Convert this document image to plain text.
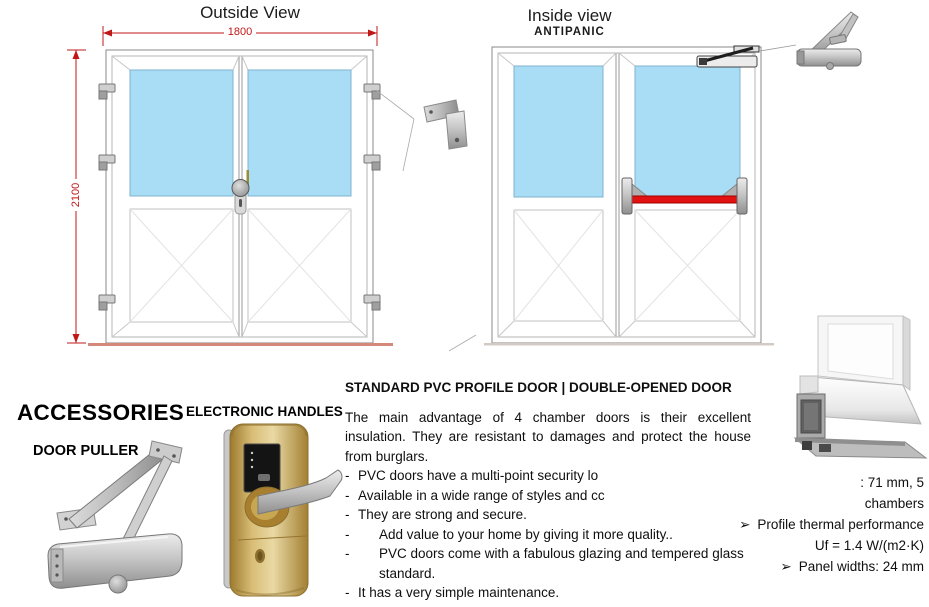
Outside View
1800
2100
Inside view
ANTIPANIC
ACCESSORIES
DOOR PULLER
ELECTRONIC HANDLES
STANDARD PVC PROFILE DOOR | DOUBLE-OPENED DOOR
The main advantage of 4 chamber doors is their excellent insulation. They are resistant to damages and protect the house from burglars.
- PVC doors have a multi-point security lo
- Available in a wide range of styles and cc
- They are strong and secure.
-	Add value to your home by giving it more quality..
-	PVC doors come with a fabulous glazing and tempered glass standard.
- It has a very simple maintenance.
: 71 mm, 5
chambers
➢ Profile thermal performance
Uf = 1.4 W/(m2·K)
➢ Panel widths: 24 mm
